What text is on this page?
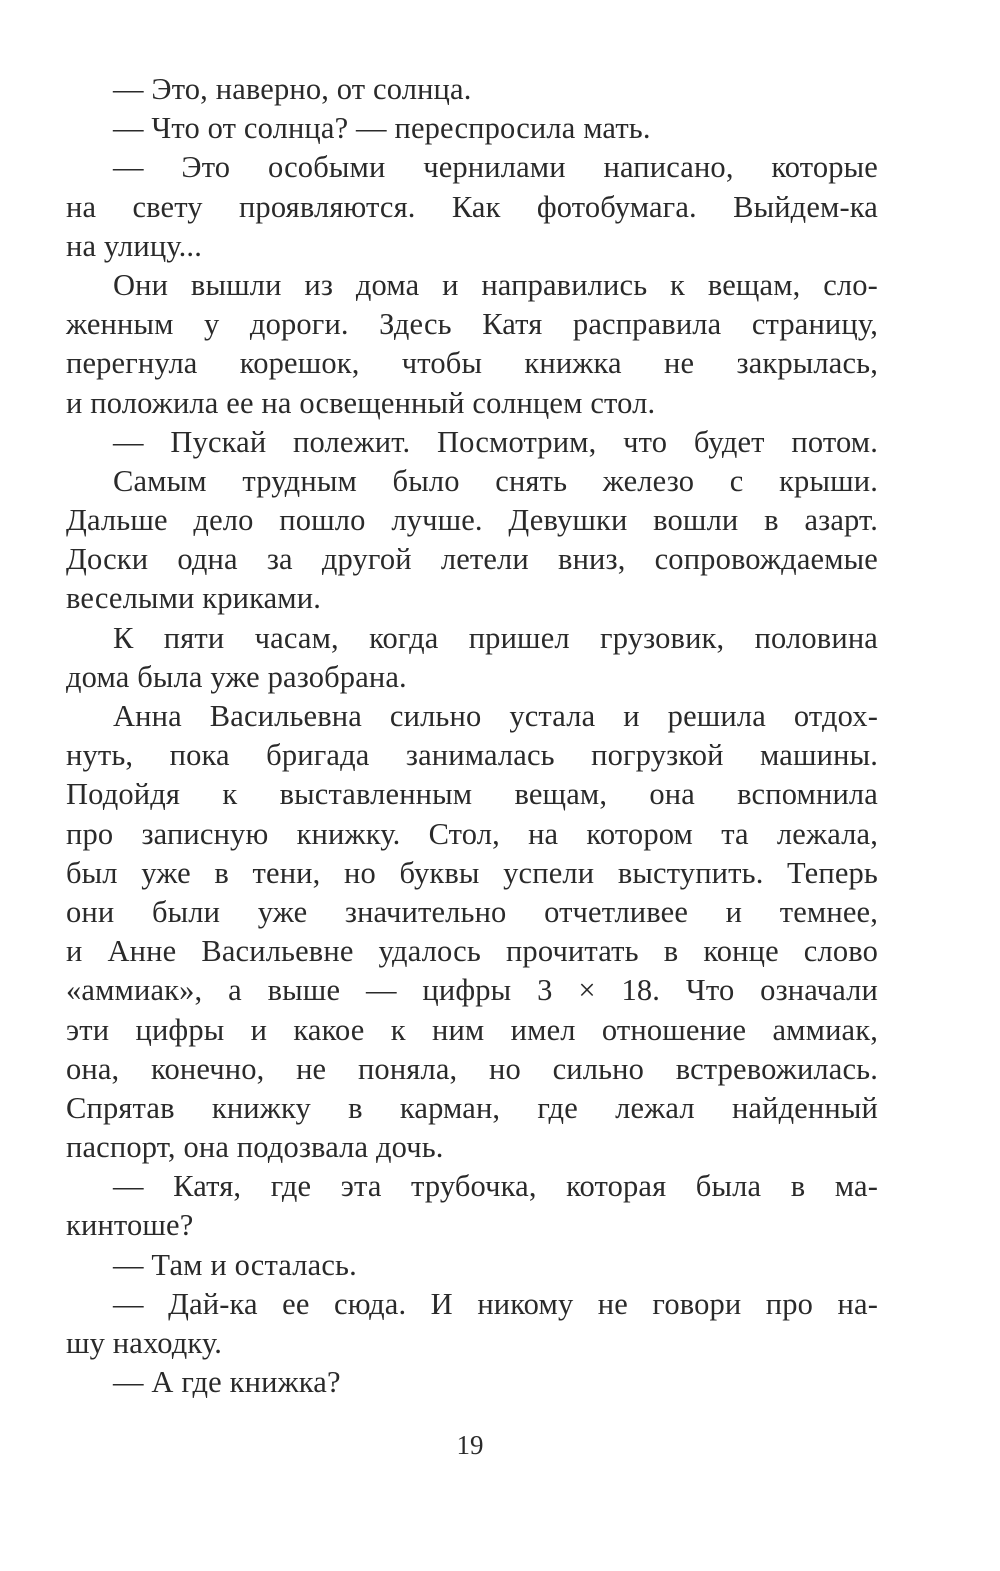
— Это, наверно, от солнца.
— Что от солнца? — переспросила мать.
— Это особыми чернилами написано, которые
на свету проявляются. Как фотобумага. Выйдем-ка
на улицу...
Они вышли из дома и направились к вещам, сло-
женным у дороги. Здесь Катя расправила страницу,
перегнула корешок, чтобы книжка не закрылась,
и положила ее на освещенный солнцем стол.
— Пускай полежит. Посмотрим, что будет потом.
Самым трудным было снять железо с крыши.
Дальше дело пошло лучше. Девушки вошли в азарт.
Доски одна за другой летели вниз, сопровождаемые
веселыми криками.
К пяти часам, когда пришел грузовик, половина
дома была уже разобрана.
Анна Васильевна сильно устала и решила отдох-
нуть, пока бригада занималась погрузкой машины.
Подойдя к выставленным вещам, она вспомнила
про записную книжку. Стол, на котором та лежала,
был уже в тени, но буквы успели выступить. Теперь
они были уже значительно отчетливее и темнее,
и Анне Васильевне удалось прочитать в конце слово
«аммиак», а выше — цифры 3 × 18. Что означали
эти цифры и какое к ним имел отношение аммиак,
она, конечно, не поняла, но сильно встревожилась.
Спрятав книжку в карман, где лежал найденный
паспорт, она подозвала дочь.
— Катя, где эта трубочка, которая была в ма-
кинтоше?
— Там и осталась.
— Дай-ка ее сюда. И никому не говори про на-
шу находку.
— А где книжка?
19
